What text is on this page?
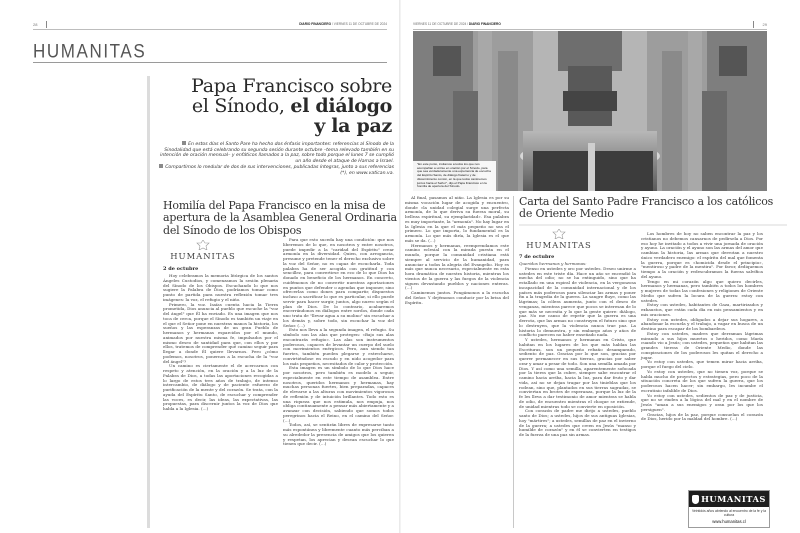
28	DIARIO FINANCIERO / VIERNES 11 DE OCTUBRE DE 2024
HUMANITAS
Papa Francisco sobre
el Sínodo, el diálogo
y la paz

En estos días el Santo Pare ha hecho dos énfasis importantes: referencias al Sínodo de la Sinodalidad que está celebrando su segunda sesión durante octubre –tema relevado también en su intención de oración mensual– y enfáticos llamados a la paz, sobre todo porque el lunes 7 se cumplió un año desde el ataque de Hamas a Israel.

Compartimos lo medular de dos de sus intervenciones, publicadas íntegras, junto a sus referencias (*), en www.vatican.va.

Homilía del Papa Francisco en la misa de apertura de la Asamblea General Ordinaria del Sínodo de los Obispos
HUMANITAS
2 de octubre

Hoy celebramos la memoria litúrgica de los santos Ángeles Custodios, y comenzamos la sesión plenaria del Sínodo de los Obispos. Escuchando lo que nos sugiere la Palabra de Dios, podríamos tomar como punto de partida para nuestra reflexión tomar tres imágenes: la voz, el refugio y el niño.

Primero, la voz. Isaías cuenta hacia la Tierra prometida, Dios anuncia al pueblo que escuche la "voz del ángel" que Él ha enviado. Es una imagen que nos toca de cerca, porque el Sínodo es también un viaje en el que el Señor pone en nuestras manos la historia, los sueños y las esperanzas de un gran Pueblo de hermanos y hermanas esparcidos por el mundo, animados por nuestra misma fe, impulsados por el mismo deseo de santidad para que, con ellos y por ellos, tratemos de comprender qué camino seguir para llegar a donde Él quiere llevarnos. Pero ¿cómo podemos, nosotros, ponernos a la escucha de la "voz del ángel"?

Un camino es ciertamente el de acercarnos con respeto y atención, en la oración y a la luz de la Palabra de Dios, a todas las aportaciones recogidas a lo largo de estos tres años de trabajo, de intenso intercambio, de diálogo y de paciente esfuerzo de purificación de la mente y del corazón. Se trata, con la ayuda del Espíritu Santo, de escuchar y comprender las voces, es decir, las ideas, las expectativas, las propuestas, para discernir juntos la voz de Dios que habla a la Iglesia. (…)

Para que esto suceda hay una condición: que nos liberemos de lo que, en nosotros y entre nosotros, puede impedir a la "caridad del Espíritu" crear armonía en la diversidad. Quien, con arrogancia, presume y pretende tener el derecho exclusivo sobre la voz del Señor, no es capaz de escucharla. Toda palabra ha de ser acogida con gratitud y con sencillez, para convertirse en eco de lo que Dios ha donado en beneficio de los hermanos. En concreto, cuidémonos de no convertir nuestras aportaciones en puntos que defender o agendas que imponer, sino ofrecerlas como dones para compartir, dispuestos incluso a sacrificar lo que es particular, si ello puede servir para hacer surgir, juntos, algo nuevo según el plan de Dios. De lo contrario, acabaremos encerrándonos en diálogos entre sordos, donde cada uno trata de "llevar agua a su molino" sin escuchar a los demás y, sobre todo, sin escuchar la voz del Señor. (…)

Esto nos lleva a la segunda imagen, el refugio. Su símbolo son las alas que protegen: «Bajo sus alas encontrarás refugio». Las alas son instrumentos poderosos, capaces de levantar un cuerpo del suelo con movimientos enérgicos. Pero, aun siendo tan fuertes, también pueden plegarse y estrecharse, convirtiéndose en escudo y en nido acogedor para los más pequeños, necesitados de calor y protección.

Esta imagen es un símbolo de lo que Dios hace por nosotros, pero también es modelo a seguir, especialmente en este tiempo de asamblea. Entre nosotros, queridos hermanos y hermanas, hay muchas personas fuertes, bien preparadas, capaces de elevarse a las alturas con movimientos vigorosos de reflexión y de intuición brillantes. Todo esto es una riqueza que nos estimula, nos empuja, nos obliga continuamente a pensar más abiertamente y a avanzar con decisión, sabiendo que somos todos peregrinos hacia el Reino, en el camino del Señor. (…)

Todos, así, se sentirán libres de expresarse tanto más espontánea y libremente cuanto más perciban a su alrededor la presencia de amigos que los quieren y respetan, los aprecian y desean escuchar lo que tienen que decir. (…)

VIERNES 11 DE OCTUBRE DE 2024 / DIARIO FINANCIERO	29
"En este punto, invitamos a todos los que nos acompañan a unirse en oración por el Sínodo, para que sea verdaderamente una experiencia de escucha del Espíritu Santo, de diálogo fraterno y de discernimiento común, en la que todos caminemos juntos hacia el Señor", dijo el Papa Francisco en la homilía de apertura del Sínodo.

Al final, pasamos al niño. La Iglesia es por su misma vocación lugar de acogida y encuentro, donde «la unidad colegial surge una perfecta armonía, de lo que deriva su fuerza moral, su belleza espiritual, su ejemplaridad». Esa palabra es muy importante, la "armonía". No hay lugar en la Iglesia en la que el más pequeño no sea el primero. Lo que importa, lo fundamental es la armonía. Lo que más diría, la Iglesia es el que más se da. (…)

Hermanos y hermanas, reemprendamos este camino eclesial con la mirada puesta en el mundo, porque la comunidad cristiana está siempre al servicio de la humanidad, para anunciar a todos la alegría del Evangelio. Hoy es más que nunca necesario, especialmente en esta hora dramática de nuestra historia, mientras los vientos de la guerra y las fuegos de la violencia siguen devastando pueblos y naciones enteras. (…)

Caminemos juntos. Pongámonos a la escucha del Señor. Y dejémonos conducir por la brisa del Espíritu.

Carta del Santo Padre Francisco a los católicos de Oriente Medio
HUMANITAS
7 de octubre

Queridos hermanos y hermanas:

Pienso en ustedes y oro por ustedes. Deseo unirme a ustedes en este triste día. Hace un año se encendió la mecha del odio; no se ha extinguido, sino que ha estallado en una espiral de violencia, en la vergonzosa incapacidad de la comunidad internacional y de los países más poderosos para silenciar las armas y poner fin a la tragedia de la guerra. La sangre fluye, como las lágrimas; la cólera aumenta, junto con el deseo de venganza, mientras parece que pocos se interesan de lo que más se necesita y lo que la gente quiere: diálogo, paz. No me canso de repetir que la guerra es una derrota, que las armas no construyen el futuro sino que lo destruyen, que la violencia nunca trae paz. La historia lo demuestra, y sin embargo años y años de conflicto parecen no haber enseñado nada.

Y ustedes, hermanos y hermanas en Cristo, que habitan en los lugares de los que más hablan las Escrituras, son un pequeño rebaño desamparado, sediento de paz. Gracias por lo que son, gracias por querer permanecer en sus tierras, gracias por saber orar y amar a pesar de todo. Son una semilla amada por Dios. Y así como una semilla, aparentemente sofocada por la tierra que la cubre, siempre sabe encontrar el camino hacia arriba, hacia la luz, para dar fruto y dar vida, así no se dejan tragar por las tinieblas que los rodean, sino que, plantados en sus tierras sagradas, se conviertan en brotes de esperanza, porque la luz de la fe les lleva a dar testimonio de amor mientras se habla de odio, de encuentro mientras el choque se extiende, de unidad mientras todo se convierte en oposición.

Con corazón de padre me dirijo a ustedes, pueblo santo de Dios; a ustedes, hijos de sus antiguas Iglesias, hoy "mártires"; a ustedes, semillas de paz en el invierno de la guerra; a ustedes que creen en Jesús "manso y humilde de corazón" y en él se convierten en testigos de la fuerza de una paz sin armas.

Los hombres de hoy no saben encontrar la paz y los cristianos no debemos cansarnos de pedírsela a Dios. Por eso hoy he invitado a todos a vivir una jornada de oración y ayuno. La oración y el ayuno son las armas del amor que cambian la historia, las armas que derrotan a nuestro único verdadero enemigo: el espíritu del mal que fomenta la guerra, porque es «homicida desde el principio», "mentiroso y padre de la mentira". Por favor, dediquemos tiempo a la oración y redescubramos la fuerza salvífica del ayuno.

Tengo en mi corazón algo que quiero decirles, hermanos y hermanas, pero también a todos los hombres y mujeres de todas las confesiones y religiones de Oriente Medio que sufren la locura de la guerra: estoy con ustedes.

Estoy con ustedes, habitantes de Gaza, martirizados y exhaustos, que están cada día en mis pensamientos y en mis oraciones.

Estoy con ustedes, obligados a dejar sus hogares, a abandonar la escuela y el trabajo, a vagar en busca de un destino para escapar de los bombardeos.

Estoy con ustedes, madres que derraman lágrimas mirando a sus hijos muertos o heridos, como María cuando vio a Jesús; con ustedes, pequeños que habitan las grandes tierras de Oriente Medio, donde las conspiraciones de los poderosos les quitan el derecho a jugar.

Yo estoy con ustedes, que temen mirar hacia arriba, porque el fuego del cielo.

Yo estoy con ustedes, que no tienen voz, porque se habla mucho de proyectos y estrategias, pero poco de la situación concreta de los que sufren la guerra, que los poderosos hacen hacer; sin embargo, les incumbe el escrutinio infalible de Dios.

Yo estoy con ustedes, sedientos de paz y de justicia, que no se rinden a la lógica del mal y en el nombre de Jesús "aman a sus enemigos y oran por los que los persiguen".

Gracias, hijos de la paz, porque consuelan el corazón de Dios, herido por la maldad del hombre. (…)

HUMANITAS
Veintidós años abriendo al encuentro de la fe y la cultura
www.humanitas.cl
